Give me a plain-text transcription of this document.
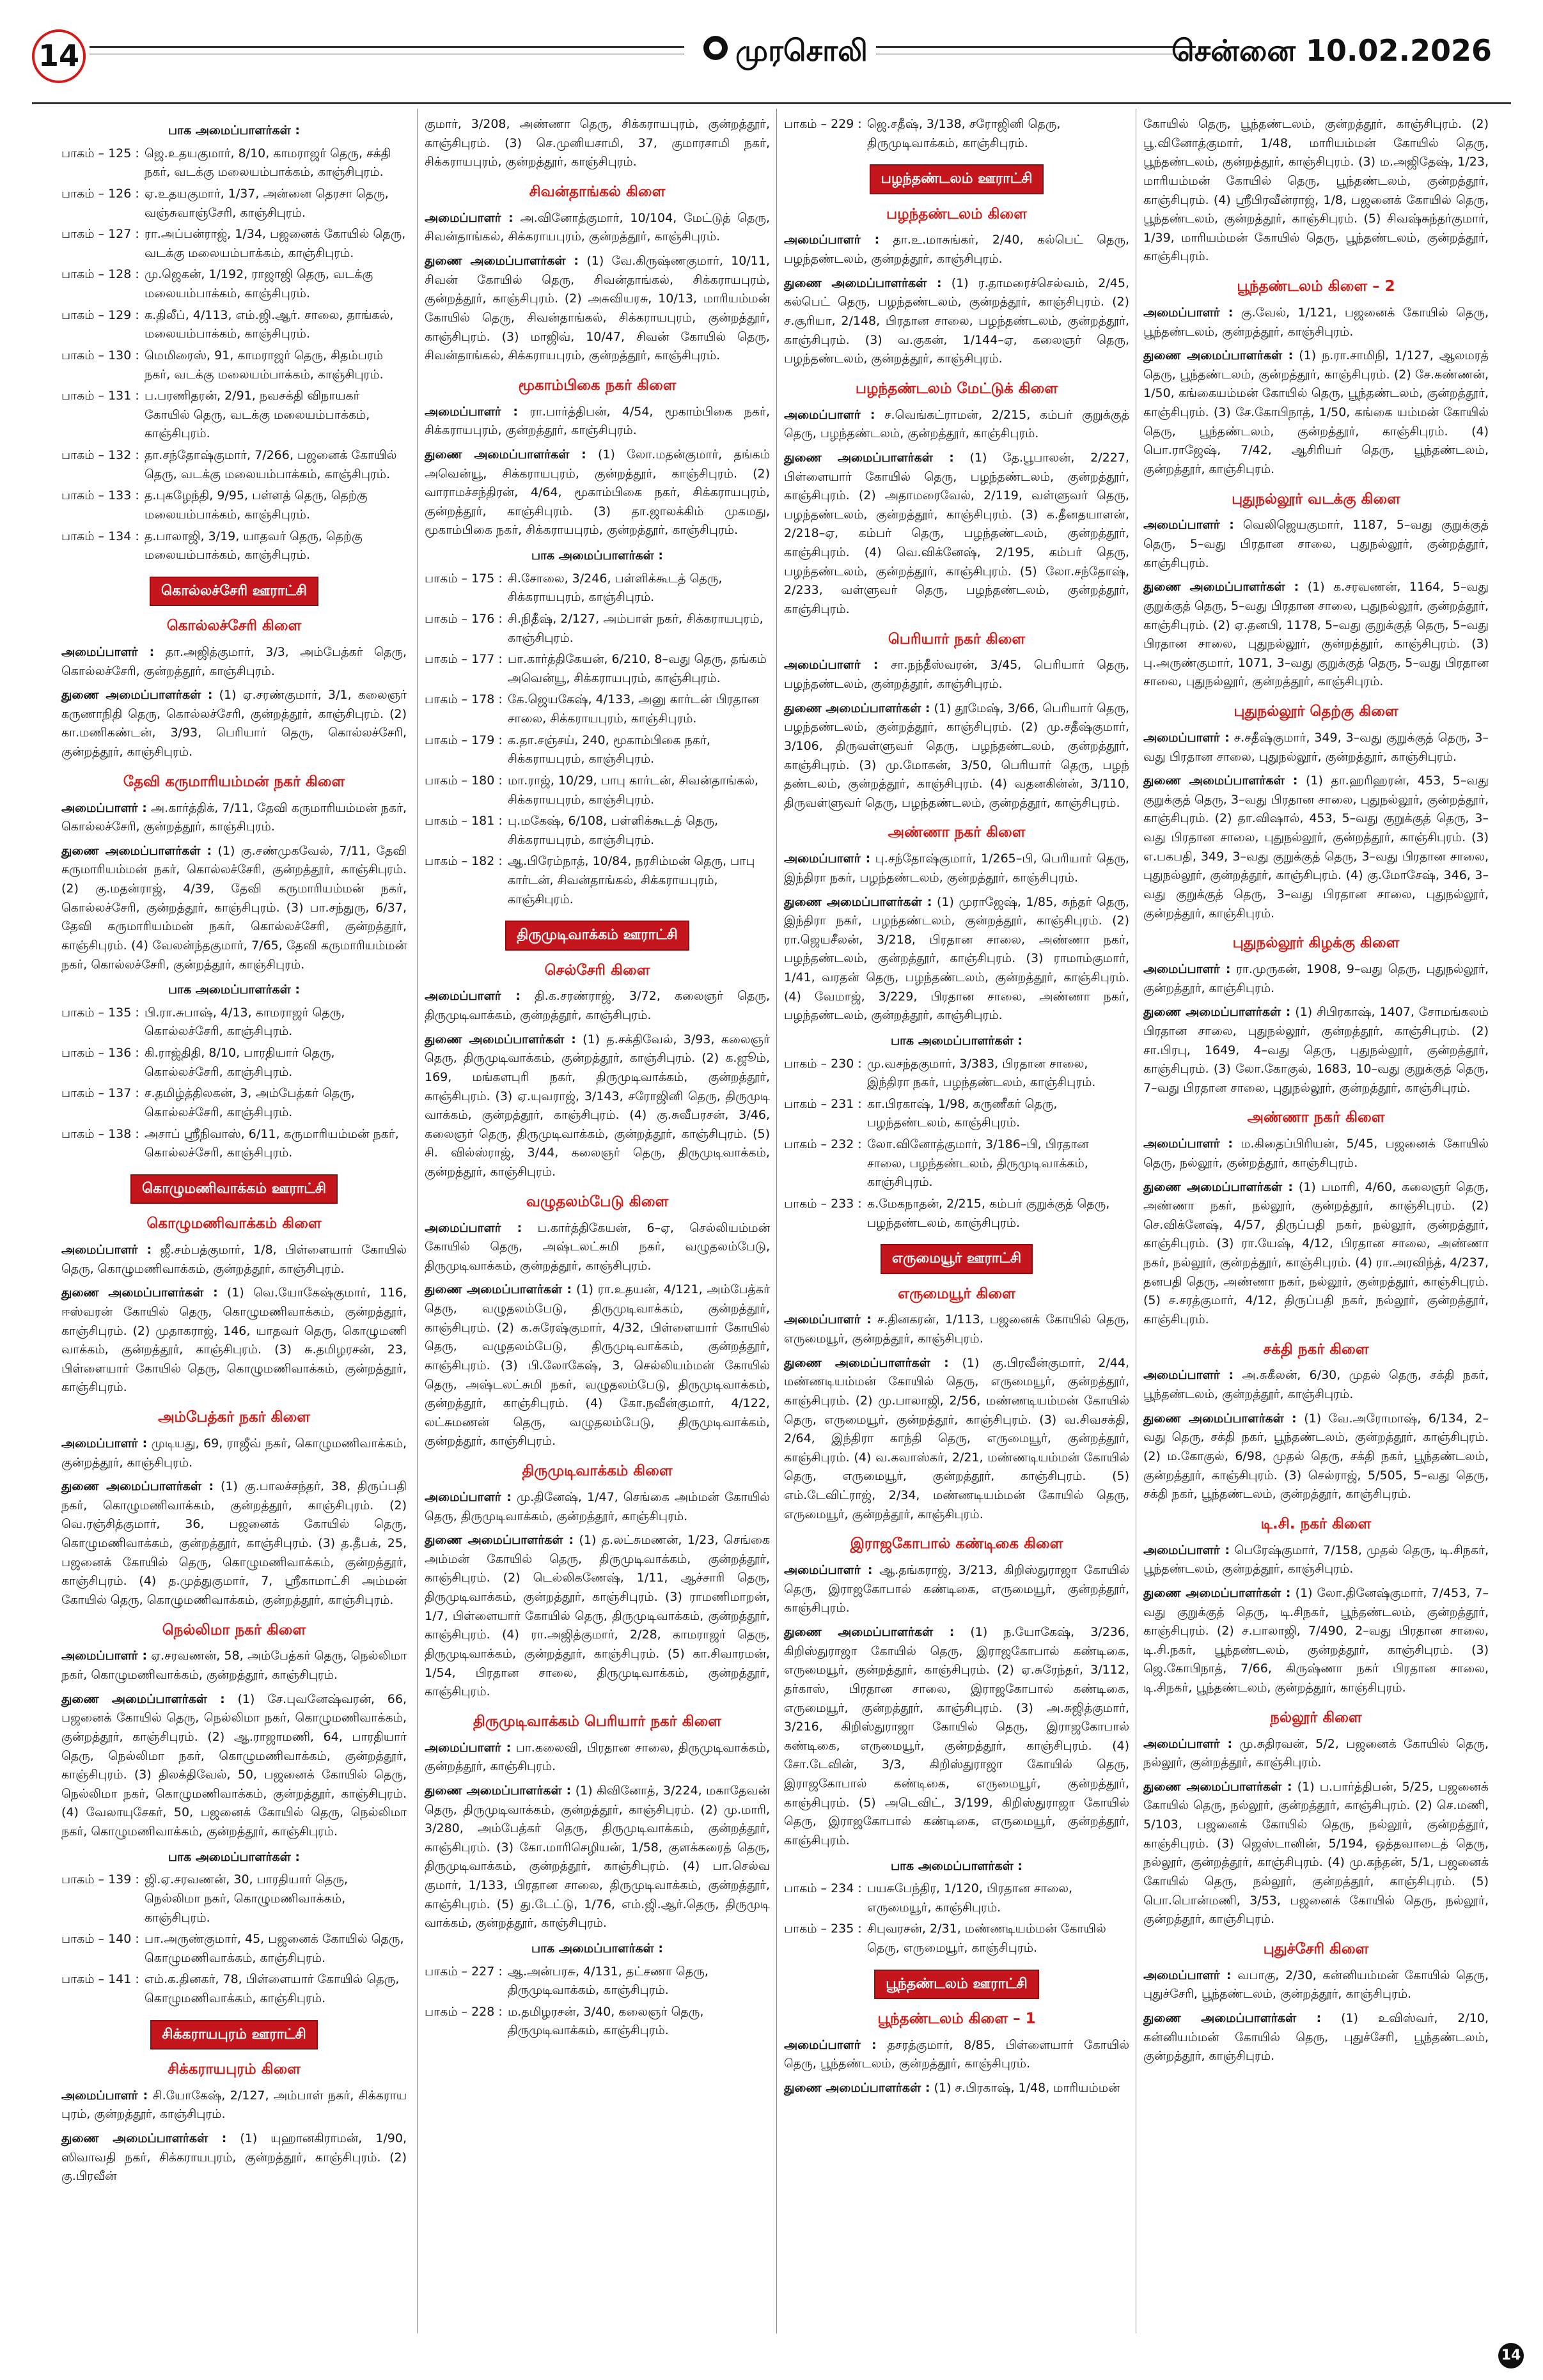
14	முரசொலி	சென்னை 10.02.2026
பாக அமைப்பாளர்கள் :
பாகம் – 125 : ஜெ.உதயகுமார், 8/10, காமராஜர் தெரு, சக்தி நகர், வடக்கு மலையம்பாக்கம், காஞ்சிபுரம்.
பாகம் – 126 : ஏ.உதயகுமார், 1/37, அன்னை தெரசா தெரு, வஞ்சுவாஞ்சேரி, காஞ்சிபுரம்.
பாகம் – 127 : ரா.அப்பன்ராஜ், 1/34, பஜனைக் கோயில் தெரு, வடக்கு மலையம்பாக்கம், காஞ்சிபுரம்.
பாகம் – 128 : மு.ஜெகன், 1/192, ராஜாஜி தெரு, வடக்கு மலையம்பாக்கம், காஞ்சிபுரம்.
பாகம் – 129 : க.திலீப், 4/113, எம்.ஜி.ஆர். சாலை, தாங்கல், மலையம்பாக்கம், காஞ்சிபுரம்.
பாகம் – 130 : மெமிரைஸ், 91, காமராஜர் தெரு, சிதம்பரம் நகர், வடக்கு மலையம்பாக்கம், காஞ்சிபுரம்.
பாகம் – 131 : ப.பரணிதரன், 2/91, நவசக்தி விநாயகர் கோயில் தெரு, வடக்கு மலையம்பாக்கம், காஞ்சிபுரம்.
பாகம் – 132 : தா.சந்தோஷ்குமார், 7/266, பஜனைக் கோயில் தெரு, வடக்கு மலையம்பாக்கம், காஞ்சிபுரம்.
பாகம் – 133 : த.புகழேந்தி, 9/95, பள்ளத் தெரு, தெற்கு மலையம்பாக்கம், காஞ்சிபுரம்.
பாகம் – 134 : த.பாலாஜி, 3/19, யாதவர் தெரு, தெற்கு மலையம்பாக்கம், காஞ்சிபுரம்.
கொல்லச்சேரி ஊராட்சி
கொல்லச்சேரி கிளை

அமைப்பாளர் : தா.அஜித்குமார், 3/3, அம்பேத்கர் தெரு, கொல்லச்சேரி, குன்றத்தூர், காஞ்சிபுரம்.

துணை அமைப்பாளர்கள் : (1) ஏ.சரண்குமார், 3/1, கலைஞர் கருணாநிதி தெரு, கொல்லச்சேரி, குன்றத்தூர், காஞ்சிபுரம். (2) கா.மணிகண்டன், 3/93, பெரியார் தெரு, கொல்லச்சேரி, குன்றத்தூர், காஞ்சிபுரம்.

தேவி கருமாரியம்மன் நகர் கிளை

அமைப்பாளர் : அ.கார்த்திக், 7/11, தேவி கருமாரியம்மன் நகர், கொல்லச்சேரி, குன்றத்தூர், காஞ்சிபுரம்.

துணை அமைப்பாளர்கள் : (1) கு.சண்முகவேல், 7/11, தேவி கருமாரியம்மன் நகர், கொல்லச்சேரி, குன்றத்தூர், காஞ்சிபுரம். (2) கு.மதன்ராஜ், 4/39, தேவி கருமாரியம்மன் நகர், கொல்லச்சேரி, குன்றத்தூர், காஞ்சிபுரம். (3) பா.சந்துரு, 6/37, தேவி கருமாரியம்மன் நகர், கொல்லச்சேரி, குன்றத்தூர், காஞ்சிபுரம். (4) வேலன்ந்தகுமார், 7/65, தேவி கருமாரியம்மன் நகர், கொல்லச்சேரி, குன்றத்தூர், காஞ்சிபுரம்.

பாக அமைப்பாளர்கள் :
பாகம் – 135 : பி.ரா.சுபாஷ், 4/13, காமராஜர் தெரு, கொல்லச்சேரி, காஞ்சிபுரம்.
பாகம் – 136 : கி.ராஜ்திதி, 8/10, பாரதியார் தெரு, கொல்லச்சேரி, காஞ்சிபுரம்.
பாகம் – 137 : ச.தமிழ்த்திலகன், 3, அம்பேத்கர் தெரு, கொல்லச்சேரி, காஞ்சிபுரம்.
பாகம் – 138 : அசாப் ஸ்ரீநிவாஸ், 6/11, கருமாரியம்மன் நகர், கொல்லச்சேரி, காஞ்சிபுரம்.
கொழுமணிவாக்கம் ஊராட்சி
கொழுமணிவாக்கம் கிளை

அமைப்பாளர் : ஜீ.சம்பத்குமார், 1/8, பிள்ளையார் கோயில் தெரு, கொழுமணிவாக்கம், குன்றத்தூர், காஞ்சிபுரம்.

துணை அமைப்பாளர்கள் : (1) வெ.யோகேஷ்குமார், 116, ஈஸ்வரன் கோயில் தெரு, கொழுமணிவாக்கம், குன்றத்தூர், காஞ்சிபுரம். (2) முதாகராஜ், 146, யாதவர் தெரு, கொழுமணி வாக்கம், குன்றத்தூர், காஞ்சிபுரம். (3) சு.தமிழரசன், 23, பிள்ளையார் கோயில் தெரு, கொழுமணிவாக்கம், குன்றத்தூர், காஞ்சிபுரம்.

அம்பேத்கர் நகர் கிளை

அமைப்பாளர் : முடியது, 69, ராஜீவ் நகர், கொழுமணிவாக்கம், குன்றத்தூர், காஞ்சிபுரம்.

துணை அமைப்பாளர்கள் : (1) கு.பாலச்சந்தர், 38, திருப்பதி நகர், கொழுமணிவாக்கம், குன்றத்தூர், காஞ்சிபுரம். (2) வெ.ரஞ்சித்குமார், 36, பஜனைக் கோயில் தெரு, கொழுமணிவாக்கம், குன்றத்தூர், காஞ்சிபுரம். (3) த.தீபக், 25, பஜனைக் கோயில் தெரு, கொழுமணிவாக்கம், குன்றத்தூர், காஞ்சிபுரம். (4) த.முத்துகுமார், 7, ஸ்ரீகாமாட்சி அம்மன் கோயில் தெரு, கொழுமணிவாக்கம், குன்றத்தூர், காஞ்சிபுரம்.

நெல்லிமா நகர் கிளை

அமைப்பாளர் : ஏ.சரவணன், 58, அம்பேத்கர் தெரு, நெல்லிமா நகர், கொழுமணிவாக்கம், குன்றத்தூர், காஞ்சிபுரம்.

துணை அமைப்பாளர்கள் : (1) சே.புவனேஷ்வரன், 66, பஜனைக் கோயில் தெரு, நெல்லிமா நகர், கொழுமணிவாக்கம், குன்றத்தூர், காஞ்சிபுரம். (2) ஆ.ராஜாமணி, 64, பாரதியார் தெரு, நெல்லிமா நகர், கொழுமணிவாக்கம், குன்றத்தூர், காஞ்சிபுரம். (3) திலக்திவேல், 50, பஜனைக் கோயில் தெரு, நெல்லிமா நகர், கொழுமணிவாக்கம், குன்றத்தூர், காஞ்சிபுரம். (4) வேலாயுசேகர், 50, பஜனைக் கோயில் தெரு, நெல்லிமா நகர், கொழுமணிவாக்கம், குன்றத்தூர், காஞ்சிபுரம்.

பாக அமைப்பாளர்கள் :
பாகம் – 139 : ஜி.ஏ.சரவணன், 30, பாரதியார் தெரு, நெல்லிமா நகர், கொழுமணிவாக்கம், காஞ்சிபுரம்.
பாகம் – 140 : பா.அருண்குமார், 45, பஜனைக் கோயில் தெரு, கொழுமணிவாக்கம், காஞ்சிபுரம்.
பாகம் – 141 : எம்.க.தினகர், 78, பிள்ளையார் கோயில் தெரு, கொழுமணிவாக்கம், காஞ்சிபுரம்.
சிக்கராயபுரம் ஊராட்சி
சிக்கராயபுரம் கிளை

அமைப்பாளர் : சி.யோகேஷ், 2/127, அம்பாள் நகர், சிக்கராய புரம், குன்றத்தூர், காஞ்சிபுரம்.

துணை அமைப்பாளர்கள் : (1) யுஹானகிராமன், 1/90, ஸிவாவதி நகர், சிக்கராயபுரம், குன்றத்தூர், காஞ்சிபுரம். (2) கு.பிரவீன்

குமார், 3/208, அண்ணா தெரு, சிக்கராயபுரம், குன்றத்தூர், காஞ்சிபுரம். (3) செ.முனியசாமி, 37, குமாரசாமி நகர், சிக்கராயபுரம், குன்றத்தூர், காஞ்சிபுரம்.

சிவன்தாங்கல் கிளை

அமைப்பாளர் : அ.வினோத்குமார், 10/104, மேட்டுத் தெரு, சிவன்தாங்கல், சிக்கராயபுரம், குன்றத்தூர், காஞ்சிபுரம்.

துணை அமைப்பாளர்கள் : (1) வே.கிருஷ்ணகுமார், 10/11, சிவன் கோயில் தெரு, சிவன்தாங்கல், சிக்கராயபுரம், குன்றத்தூர், காஞ்சிபுரம். (2) அசுவியரசு, 10/13, மாரியம்மன் கோயில் தெரு, சிவன்தாங்கல், சிக்கராயபுரம், குன்றத்தூர், காஞ்சிபுரம். (3) மாஜிவ், 10/47, சிவன் கோயில் தெரு, சிவன்தாங்கல், சிக்கராயபுரம், குன்றத்தூர், காஞ்சிபுரம்.

மூகாம்பிகை நகர் கிளை

அமைப்பாளர் : ரா.பார்த்திபன், 4/54, மூகாம்பிகை நகர், சிக்கராயபுரம், குன்றத்தூர், காஞ்சிபுரம்.

துணை அமைப்பாளர்கள் : (1) லோ.மதன்குமார், தங்கம் அவென்யூ, சிக்கராயபுரம், குன்றத்தூர், காஞ்சிபுரம். (2) வாராமச்சந்திரன், 4/64, மூகாம்பிகை நகர், சிக்கராயபுரம், குன்றத்தூர், காஞ்சிபுரம். (3) தா.ஜாலக்கிம் முகமது, மூகாம்பிகை நகர், சிக்கராயபுரம், குன்றத்தூர், காஞ்சிபுரம்.

பாக அமைப்பாளர்கள் :
பாகம் – 175 : சி.சோலை, 3/246, பள்ளிக்கூடத் தெரு, சிக்கராயபுரம், காஞ்சிபுரம்.
பாகம் – 176 : சி.நிதீஷ், 2/127, அம்பாள் நகர், சிக்கராயபுரம், காஞ்சிபுரம்.
பாகம் – 177 : பா.கார்த்திகேயன், 6/210, 8–வது தெரு, தங்கம் அவென்யூ, சிக்கராயபுரம், காஞ்சிபுரம்.
பாகம் – 178 : கே.ஜெயகேஷ், 4/133, அனு கார்டன் பிரதான சாலை, சிக்கராயபுரம், காஞ்சிபுரம்.
பாகம் – 179 : க.தா.சஞ்சய், 240, மூகாம்பிகை நகர், சிக்கராயபுரம், காஞ்சிபுரம்.
பாகம் – 180 : மா.ராஜ், 10/29, பாபு கார்டன், சிவன்தாங்கல், சிக்கராயபுரம், காஞ்சிபுரம்.
பாகம் – 181 : பு.மகேஷ், 6/108, பள்ளிக்கூடத் தெரு, சிக்கராயபுரம், காஞ்சிபுரம்.
பாகம் – 182 : ஆ.பிரேம்நாத், 10/84, நரசிம்மன் தெரு, பாபு கார்டன், சிவன்தாங்கல், சிக்கராயபுரம், காஞ்சிபுரம்.
திருமுடிவாக்கம் ஊராட்சி
செல்சேரி கிளை

அமைப்பாளர் : தி.க.சரண்ராஜ், 3/72, கலைஞர் தெரு, திருமுடிவாக்கம், குன்றத்தூர், காஞ்சிபுரம்.

துணை அமைப்பாளர்கள் : (1) த.சக்திவேல், 3/93, கலைஞர் தெரு, திருமுடிவாக்கம், குன்றத்தூர், காஞ்சிபுரம். (2) க.ஜூம், 169, மங்களபுரி நகர், திருமுடிவாக்கம், குன்றத்தூர், காஞ்சிபுரம். (3) ஏ.யுவராஜ், 3/143, சரோஜினி தெரு, திருமுடி வாக்கம், குன்றத்தூர், காஞ்சிபுரம். (4) கு.சுவீபரசன், 3/46, கலைஞர் தெரு, திருமுடிவாக்கம், குன்றத்தூர், காஞ்சிபுரம். (5) சி. வில்ஸ்ராஜ், 3/44, கலைஞர் தெரு, திருமுடிவாக்கம், குன்றத்தூர், காஞ்சிபுரம்.

வழுதலம்பேடு கிளை

அமைப்பாளர் : ப.கார்த்திகேயன், 6–ஏ, செல்லியம்மன் கோயில் தெரு, அஷ்டலட்சுமி நகர், வழுதலம்பேடு, திருமுடிவாக்கம், குன்றத்தூர், காஞ்சிபுரம்.

துணை அமைப்பாளர்கள் : (1) ரா.உதயன், 4/121, அம்பேத்கர் தெரு, வழுதலம்பேடு, திருமுடிவாக்கம், குன்றத்தூர், காஞ்சிபுரம். (2) க.சுரேஷ்குமார், 4/32, பிள்ளையார் கோயில் தெரு, வழுதலம்பேடு, திருமுடிவாக்கம், குன்றத்தூர், காஞ்சிபுரம். (3) பி.லோகேஷ், 3, செல்லியம்மன் கோயில் தெரு, அஷ்டலட்சுமி நகர், வழுதலம்பேடு, திருமுடிவாக்கம், குன்றத்தூர், காஞ்சிபுரம். (4) கோ.நவீன்குமார், 4/122, லட்சுமணன் தெரு, வழுதலம்பேடு, திருமுடிவாக்கம், குன்றத்தூர், காஞ்சிபுரம்.

திருமுடிவாக்கம் கிளை

அமைப்பாளர் : மு.தினேஷ், 1/47, செங்கை அம்மன் கோயில் தெரு, திருமுடிவாக்கம், குன்றத்தூர், காஞ்சிபுரம்.

துணை அமைப்பாளர்கள் : (1) த.லட்சுமணன், 1/23, செங்கை அம்மன் கோயில் தெரு, திருமுடிவாக்கம், குன்றத்தூர், காஞ்சிபுரம். (2) டெல்லிகணேஷ், 1/11, ஆச்சாரி தெரு, திருமுடிவாக்கம், குன்றத்தூர், காஞ்சிபுரம். (3) ராமணிமாறன், 1/7, பிள்ளையார் கோயில் தெரு, திருமுடிவாக்கம், குன்றத்தூர், காஞ்சிபுரம். (4) ரா.அஜித்குமார், 2/28, காமராஜர் தெரு, திருமுடிவாக்கம், குன்றத்தூர், காஞ்சிபுரம். (5) கா.சிவாரமன், 1/54, பிரதான சாலை, திருமுடிவாக்கம், குன்றத்தூர், காஞ்சிபுரம்.

திருமுடிவாக்கம் பெரியார் நகர் கிளை

அமைப்பாளர் : பா.கலைவி, பிரதான சாலை, திருமுடிவாக்கம், குன்றத்தூர், காஞ்சிபுரம்.

துணை அமைப்பாளர்கள் : (1) கிவினோத், 3/224, மகாதேவன் தெரு, திருமுடிவாக்கம், குன்றத்தூர், காஞ்சிபுரம். (2) மு.மாரி, 3/280, அம்பேத்கர் தெரு, திருமுடிவாக்கம், குன்றத்தூர், காஞ்சிபுரம். (3) கோ.மாரிசெழியன், 1/58, குளக்கரைத் தெரு, திருமுடிவாக்கம், குன்றத்தூர், காஞ்சிபுரம். (4) பா.செல்வ குமார், 1/133, பிரதான சாலை, திருமுடிவாக்கம், குன்றத்தூர், காஞ்சிபுரம். (5) து.டேட்டு, 1/76, எம்.ஜி.ஆர்.தெரு, திருமுடி வாக்கம், குன்றத்தூர், காஞ்சிபுரம்.

பாக அமைப்பாளர்கள் :
பாகம் – 227 : ஆ.அன்பரசு, 4/131, தட்சணா தெரு, திருமுடிவாக்கம், காஞ்சிபுரம்.
பாகம் – 228 : ம.தமிழரசன், 3/40, கலைஞர் தெரு, திருமுடிவாக்கம், காஞ்சிபுரம்.
பாகம் – 229 : ஜெ.சதீஷ், 3/138, சரோஜினி தெரு, திருமுடிவாக்கம், காஞ்சிபுரம்.
பழந்தண்டலம் ஊராட்சி
பழந்தண்டலம் கிளை

அமைப்பாளர் : தா.உ.மாசுங்கர், 2/40, கல்பெட் தெரு, பழந்தண்டலம், குன்றத்தூர், காஞ்சிபுரம்.

துணை அமைப்பாளர்கள் : (1) ர.தாமரைச்செல்வம், 2/45, கல்பெட் தெரு, பழந்தண்டலம், குன்றத்தூர், காஞ்சிபுரம். (2) ச.சூரியா, 2/148, பிரதான சாலை, பழந்தண்டலம், குன்றத்தூர், காஞ்சிபுரம். (3) வ.குகன், 1/144–ஏ, கலைஞர் தெரு, பழந்தண்டலம், குன்றத்தூர், காஞ்சிபுரம்.

பழந்தண்டலம் மேட்டுக் கிளை

அமைப்பாளர் : ச.வெங்கட்ராமன், 2/215, கம்பர் குறுக்குத் தெரு, பழந்தண்டலம், குன்றத்தூர், காஞ்சிபுரம்.

துணை அமைப்பாளர்கள் : (1) தே.பூபாலன், 2/227, பிள்ளையார் கோயில் தெரு, பழந்தண்டலம், குன்றத்தூர், காஞ்சிபுரம். (2) அதாமரைவேல், 2/119, வள்ளுவர் தெரு, பழந்தண்டலம், குன்றத்தூர், காஞ்சிபுரம். (3) க.தீனதயாளன், 2/218–ஏ, கம்பர் தெரு, பழந்தண்டலம், குன்றத்தூர், காஞ்சிபுரம். (4) வெ.விக்னேஷ், 2/195, கம்பர் தெரு, பழந்தண்டலம், குன்றத்தூர், காஞ்சிபுரம். (5) லோ.சந்தோஷ், 2/233, வள்ளுவர் தெரு, பழந்தண்டலம், குன்றத்தூர், காஞ்சிபுரம்.

பெரியார் நகர் கிளை

அமைப்பாளர் : சா.நந்தீஸ்வரன், 3/45, பெரியார் தெரு, பழந்தண்டலம், குன்றத்தூர், காஞ்சிபுரம்.

துணை அமைப்பாளர்கள் : (1) தூமேஷ், 3/66, பெரியார் தெரு, பழந்தண்டலம், குன்றத்தூர், காஞ்சிபுரம். (2) மு.சதீஷ்குமார், 3/106, திருவள்ளுவர் தெரு, பழந்தண்டலம், குன்றத்தூர், காஞ்சிபுரம். (3) மு.மோகன், 3/50, பெரியார் தெரு, பழந் தண்டலம், குன்றத்தூர், காஞ்சிபுரம். (4) வதனகின்ன், 3/110, திருவள்ளுவர் தெரு, பழந்தண்டலம், குன்றத்தூர், காஞ்சிபுரம்.

அண்ணா நகர் கிளை

அமைப்பாளர் : பு.சந்தோஷ்குமார், 1/265–பி, பெரியார் தெரு, இந்திரா நகர், பழந்தண்டலம், குன்றத்தூர், காஞ்சிபுரம்.

துணை அமைப்பாளர்கள் : (1) முராஜேஷ், 1/85, சுந்தர் தெரு, இந்திரா நகர், பழந்தண்டலம், குன்றத்தூர், காஞ்சிபுரம். (2) ரா.ஜெயசீலன், 3/218, பிரதான சாலை, அண்ணா நகர், பழந்தண்டலம், குன்றத்தூர், காஞ்சிபுரம். (3) ராமாம்குமார், 1/41, வரதன் தெரு, பழந்தண்டலம், குன்றத்தூர், காஞ்சிபுரம். (4) வேமாஜ், 3/229, பிரதான சாலை, அண்ணா நகர், பழந்தண்டலம், குன்றத்தூர், காஞ்சிபுரம்.

பாக அமைப்பாளர்கள் :
பாகம் – 230 : மு.வசந்தகுமார், 3/383, பிரதான சாலை, இந்திரா நகர், பழந்தண்டலம், காஞ்சிபுரம்.
பாகம் – 231 : கா.பிரகாஷ், 1/98, கருணீகர் தெரு, பழந்தண்டலம், காஞ்சிபுரம்.
பாகம் – 232 : லோ.வினோத்குமார், 3/186–பி, பிரதான சாலை, பழந்தண்டலம், திருமுடிவாக்கம், காஞ்சிபுரம்.
பாகம் – 233 : க.மேகநாதன், 2/215, கம்பர் குறுக்குத் தெரு, பழந்தண்டலம், காஞ்சிபுரம்.
எருமையூர் ஊராட்சி
எருமையூர் கிளை

அமைப்பாளர் : ச.தினகரன், 1/113, பஜனைக் கோயில் தெரு, எருமையூர், குன்றத்தூர், காஞ்சிபுரம்.

துணை அமைப்பாளர்கள் : (1) கு.பிரவீன்குமார், 2/44, மண்ணடியம்மன் கோயில் தெரு, எருமையூர், குன்றத்தூர், காஞ்சிபுரம். (2) மு.பாலாஜி, 2/56, மண்ணடியம்மன் கோயில் தெரு, எருமையூர், குன்றத்தூர், காஞ்சிபுரம். (3) வ.சிவசக்தி, 2/64, இந்திரா காந்தி தெரு, எருமையூர், குன்றத்தூர், காஞ்சிபுரம். (4) வ.கவாஸ்கர், 2/21, மண்ணடியம்மன் கோயில் தெரு, எருமையூர், குன்றத்தூர், காஞ்சிபுரம். (5) எம்.டேவிட்ராஜ், 2/34, மண்ணடியம்மன் கோயில் தெரு, எருமையூர், குன்றத்தூர், காஞ்சிபுரம்.

இராஜகோபால் கண்டிகை கிளை

அமைப்பாளர் : ஆ.தங்கராஜ், 3/213, கிறிஸ்துராஜா கோயில் தெரு, இராஜகோபால் கண்டிகை, எருமையூர், குன்றத்தூர், காஞ்சிபுரம்.

துணை அமைப்பாளர்கள் : (1) ந.யோகேஷ், 3/236, கிறிஸ்துராஜா கோயில் தெரு, இராஜகோபால் கண்டிகை, எருமையூர், குன்றத்தூர், காஞ்சிபுரம். (2) ஏ.சுரேந்தர், 3/112, தர்காஸ், பிரதான சாலை, இராஜகோபால் கண்டிகை, எருமையூர், குன்றத்தூர், காஞ்சிபுரம். (3) அ.சுஜித்குமார், 3/216, கிறிஸ்துராஜா கோயில் தெரு, இராஜகோபால் கண்டிகை, எருமையூர், குன்றத்தூர், காஞ்சிபுரம். (4) சோ.டேவின், 3/3, கிறிஸ்துராஜா கோயில் தெரு, இராஜகோபால் கண்டிகை, எருமையூர், குன்றத்தூர், காஞ்சிபுரம். (5) அடெவிட், 3/199, கிறிஸ்துராஜா கோயில் தெரு, இராஜகோபால் கண்டிகை, எருமையூர், குன்றத்தூர், காஞ்சிபுரம்.

பாக அமைப்பாளர்கள் :
பாகம் – 234 : பயசுபேந்திர, 1/120, பிரதான சாலை, எருமையூர், காஞ்சிபுரம்.
பாகம் – 235 : சிபுவரசன், 2/31, மண்ணடியம்மன் கோயில் தெரு, எருமையூர், காஞ்சிபுரம்.
பூந்தண்டலம் ஊராட்சி
பூந்தண்டலம் கிளை – 1

அமைப்பாளர் : தசரத்குமார், 8/85, பிள்ளையார் கோயில் தெரு, பூந்தண்டலம், குன்றத்தூர், காஞ்சிபுரம்.

துணை அமைப்பாளர்கள் : (1) ச.பிரகாஷ், 1/48, மாரியம்மன்

கோயில் தெரு, பூந்தண்டலம், குன்றத்தூர், காஞ்சிபுரம். (2) பூ.வினோத்குமார், 1/48, மாரியம்மன் கோயில் தெரு, பூந்தண்டலம், குன்றத்தூர், காஞ்சிபுரம். (3) ம.அஜிதேஷ், 1/23, மாரியம்மன் கோயில் தெரு, பூந்தண்டலம், குன்றத்தூர், காஞ்சிபுரம். (4) ஸ்ரீபிரவீன்ராஜ், 1/8, பஜனைக் கோயில் தெரு, பூந்தண்டலம், குன்றத்தூர், காஞ்சிபுரம். (5) சிவஷ்சுந்தர்குமார், 1/39, மாரியம்மன் கோயில் தெரு, பூந்தண்டலம், குன்றத்தூர், காஞ்சிபுரம்.

பூந்தண்டலம் கிளை – 2

அமைப்பாளர் : கு.வேல், 1/121, பஜனைக் கோயில் தெரு, பூந்தண்டலம், குன்றத்தூர், காஞ்சிபுரம்.

துணை அமைப்பாளர்கள் : (1) ந.ரா.சாமிநி, 1/127, ஆலமரத் தெரு, பூந்தண்டலம், குன்றத்தூர், காஞ்சிபுரம். (2) சே.கண்ணன், 1/50, கங்கையம்மன் கோயில் தெரு, பூந்தண்டலம், குன்றத்தூர், காஞ்சிபுரம். (3) சே.கோபிநாத், 1/50, கங்கை யம்மன் கோயில் தெரு, பூந்தண்டலம், குன்றத்தூர், காஞ்சிபுரம். (4) பொ.ராஜேஷ், 7/42, ஆசிரியர் தெரு, பூந்தண்டலம், குன்றத்தூர், காஞ்சிபுரம்.

புதுநல்லூர் வடக்கு கிளை

அமைப்பாளர் : வெலிஜெயகுமார், 1187, 5–வது குறுக்குத் தெரு, 5–வது பிரதான சாலை, புதுநல்லூர், குன்றத்தூர், காஞ்சிபுரம்.

துணை அமைப்பாளர்கள் : (1) க.சரவணன், 1164, 5–வது குறுக்குத் தெரு, 5–வது பிரதான சாலை, புதுநல்லூர், குன்றத்தூர், காஞ்சிபுரம். (2) ஏ.தனபி, 1178, 5–வது குறுக்குத் தெரு, 5–வது பிரதான சாலை, புதுநல்லூர், குன்றத்தூர், காஞ்சிபுரம். (3) பு.அருண்குமார், 1071, 3–வது குறுக்குத் தெரு, 5–வது பிரதான சாலை, புதுநல்லூர், குன்றத்தூர், காஞ்சிபுரம்.

புதுநல்லூர் தெற்கு கிளை

அமைப்பாளர் : ச.சதீஷ்குமார், 349, 3–வது குறுக்குத் தெரு, 3–வது பிரதான சாலை, புதுநல்லூர், குன்றத்தூர், காஞ்சிபுரம்.

துணை அமைப்பாளர்கள் : (1) தா.ஹரிஹரன், 453, 5–வது குறுக்குத் தெரு, 3–வது பிரதான சாலை, புதுநல்லூர், குன்றத்தூர், காஞ்சிபுரம். (2) தா.விஷால், 453, 5–வது குறுக்குத் தெரு, 3–வது பிரதான சாலை, புதுநல்லூர், குன்றத்தூர், காஞ்சிபுரம். (3) எ.பகபதி, 349, 3–வது குறுக்குத் தெரு, 3–வது பிரதான சாலை, புதுநல்லூர், குன்றத்தூர், காஞ்சிபுரம். (4) கு.மோசேஷ், 346, 3–வது குறுக்குத் தெரு, 3–வது பிரதான சாலை, புதுநல்லூர், குன்றத்தூர், காஞ்சிபுரம்.

புதுநல்லூர் கிழக்கு கிளை

அமைப்பாளர் : ரா.முருகன், 1908, 9–வது தெரு, புதுநல்லூர், குன்றத்தூர், காஞ்சிபுரம்.

துணை அமைப்பாளர்கள் : (1) சிபிரகாஷ், 1407, சோமங்கலம் பிரதான சாலை, புதுநல்லூர், குன்றத்தூர், காஞ்சிபுரம். (2) சா.பிரபு, 1649, 4–வது தெரு, புதுநல்லூர், குன்றத்தூர், காஞ்சிபுரம். (3) லோ.கோகுல், 1683, 10–வது குறுக்குத் தெரு, 7–வது பிரதான சாலை, புதுநல்லூர், குன்றத்தூர், காஞ்சிபுரம்.

அண்ணா நகர் கிளை

அமைப்பாளர் : ம.கிதைப்பிரியன், 5/45, பஜனைக் கோயில் தெரு, நல்லூர், குன்றத்தூர், காஞ்சிபுரம்.

துணை அமைப்பாளர்கள் : (1) பமாரி, 4/60, கலைஞர் தெரு, அண்ணா நகர், நல்லூர், குன்றத்தூர், காஞ்சிபுரம். (2) செ.விக்னேஷ், 4/57, திருப்பதி நகர், நல்லூர், குன்றத்தூர், காஞ்சிபுரம். (3) ரா.யேஷ், 4/12, பிரதான சாலை, அண்ணா நகர், நல்லூர், குன்றத்தூர், காஞ்சிபுரம். (4) ரா.அரவிந்த், 4/237, தனபதி தெரு, அண்ணா நகர், நல்லூர், குன்றத்தூர், காஞ்சிபுரம். (5) ச.சரத்குமார், 4/12, திருப்பதி நகர், நல்லூர், குன்றத்தூர், காஞ்சிபுரம்.

சக்தி நகர் கிளை

அமைப்பாளர் : அ.சுகீலன், 6/30, முதல் தெரு, சக்தி நகர், பூந்தண்டலம், குன்றத்தூர், காஞ்சிபுரம்.

துணை அமைப்பாளர்கள் : (1) வே.அரோமாஷ், 6/134, 2–வது தெரு, சக்தி நகர், பூந்தண்டலம், குன்றத்தூர், காஞ்சிபுரம். (2) ம.கோகுல், 6/98, முதல் தெரு, சக்தி நகர், பூந்தண்டலம், குன்றத்தூர், காஞ்சிபுரம். (3) செல்ராஜ், 5/505, 5–வது தெரு, சக்தி நகர், பூந்தண்டலம், குன்றத்தூர், காஞ்சிபுரம்.

டி.சி. நகர் கிளை

அமைப்பாளர் : பெரேஷ்குமார், 7/158, முதல் தெரு, டி.சிநகர், பூந்தண்டலம், குன்றத்தூர், காஞ்சிபுரம்.

துணை அமைப்பாளர்கள் : (1) லோ.தினேஷ்குமார், 7/453, 7–வது குறுக்குத் தெரு, டி.சிநகர், பூந்தண்டலம், குன்றத்தூர், காஞ்சிபுரம். (2) ச.பாலாஜி, 7/490, 2–வது பிரதான சாலை, டி.சி.நகர், பூந்தண்டலம், குன்றத்தூர், காஞ்சிபுரம். (3) ஜெ.கோபிநாத், 7/66, கிருஷ்ணா நகர் பிரதான சாலை, டி.சிநகர், பூந்தண்டலம், குன்றத்தூர், காஞ்சிபுரம்.

நல்லூர் கிளை

அமைப்பாளர் : மு.சுதிரவன், 5/2, பஜனைக் கோயில் தெரு, நல்லூர், குன்றத்தூர், காஞ்சிபுரம்.

துணை அமைப்பாளர்கள் : (1) ப.பார்த்திபன், 5/25, பஜனைக் கோயில் தெரு, நல்லூர், குன்றத்தூர், காஞ்சிபுரம். (2) செ.மணி, 5/103, பஜனைக் கோயில் தெரு, நல்லூர், குன்றத்தூர், காஞ்சிபுரம். (3) ஜெஸ்டானின், 5/194, ஒத்தவாடைத் தெரு, நல்லூர், குன்றத்தூர், காஞ்சிபுரம். (4) மு.கந்தன், 5/1, பஜனைக் கோயில் தெரு, நல்லூர், குன்றத்தூர், காஞ்சிபுரம். (5) பொ.பொன்மணி, 3/53, பஜனைக் கோயில் தெரு, நல்லூர், குன்றத்தூர், காஞ்சிபுரம்.

புதுச்சேரி கிளை

அமைப்பாளர் : வபாகு, 2/30, கன்னியம்மன் கோயில் தெரு, புதுச்சேரி, பூந்தண்டலம், குன்றத்தூர், காஞ்சிபுரம்.

துணை அமைப்பாளர்கள் : (1) உவிஸ்வர், 2/10, கன்னியம்மன் கோயில் தெரு, புதுச்சேரி, பூந்தண்டலம், குன்றத்தூர், காஞ்சிபுரம்.

14
